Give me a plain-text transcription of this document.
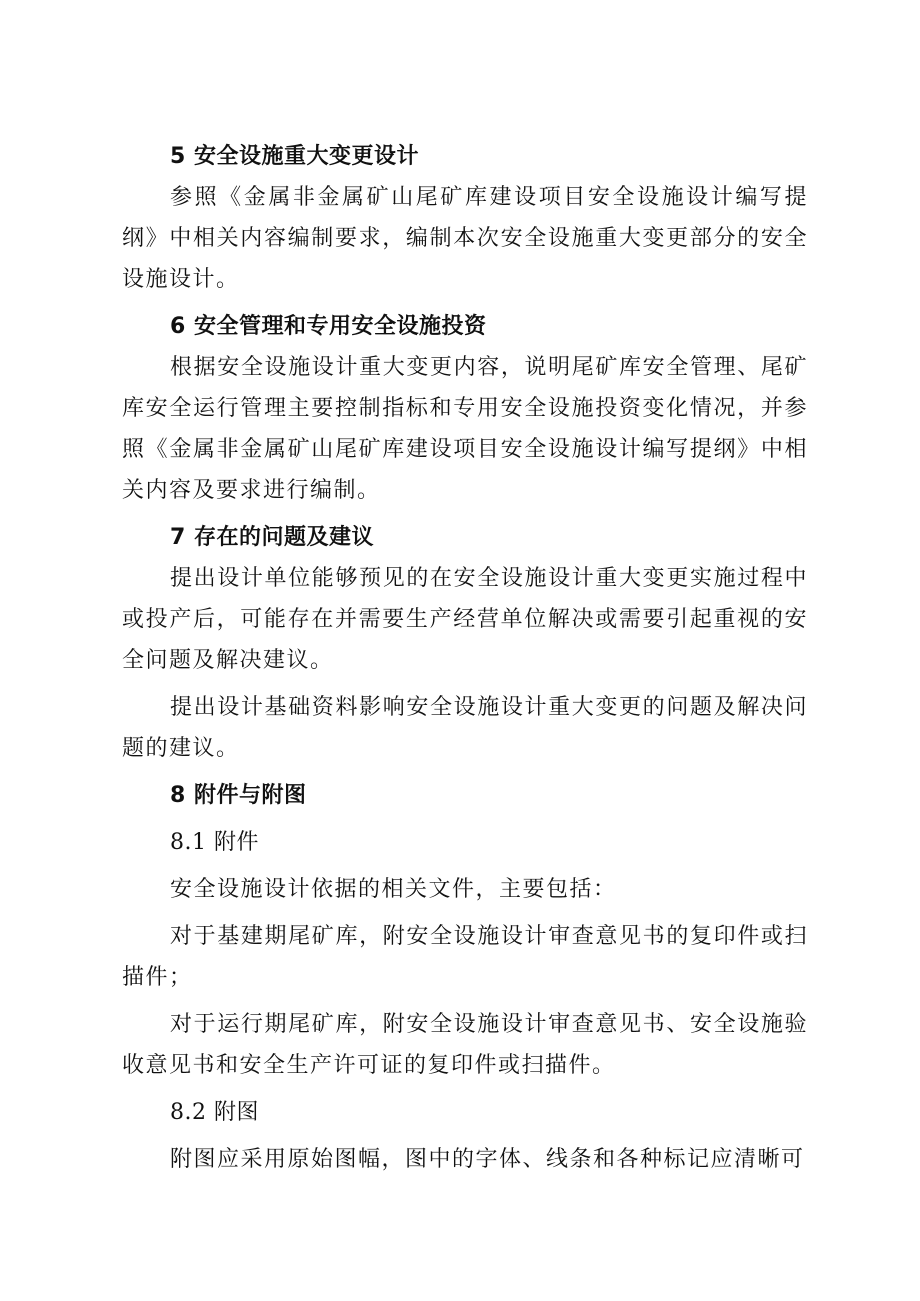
5 安全设施重大变更设计

参照《金属非金属矿山尾矿库建设项目安全设施设计编写提纲》中相关内容编制要求，编制本次安全设施重大变更部分的安全设施设计。

6 安全管理和专用安全设施投资

根据安全设施设计重大变更内容，说明尾矿库安全管理、尾矿库安全运行管理主要控制指标和专用安全设施投资变化情况，并参照《金属非金属矿山尾矿库建设项目安全设施设计编写提纲》中相关内容及要求进行编制。

7 存在的问题及建议

提出设计单位能够预见的在安全设施设计重大变更实施过程中或投产后，可能存在并需要生产经营单位解决或需要引起重视的安全问题及解决建议。

提出设计基础资料影响安全设施设计重大变更的问题及解决问题的建议。

8 附件与附图

8.1 附件

安全设施设计依据的相关文件，主要包括：

对于基建期尾矿库，附安全设施设计审查意见书的复印件或扫描件；

对于运行期尾矿库，附安全设施设计审查意见书、安全设施验收意见书和安全生产许可证的复印件或扫描件。

8.2 附图

附图应采用原始图幅，图中的字体、线条和各种标记应清晰可
